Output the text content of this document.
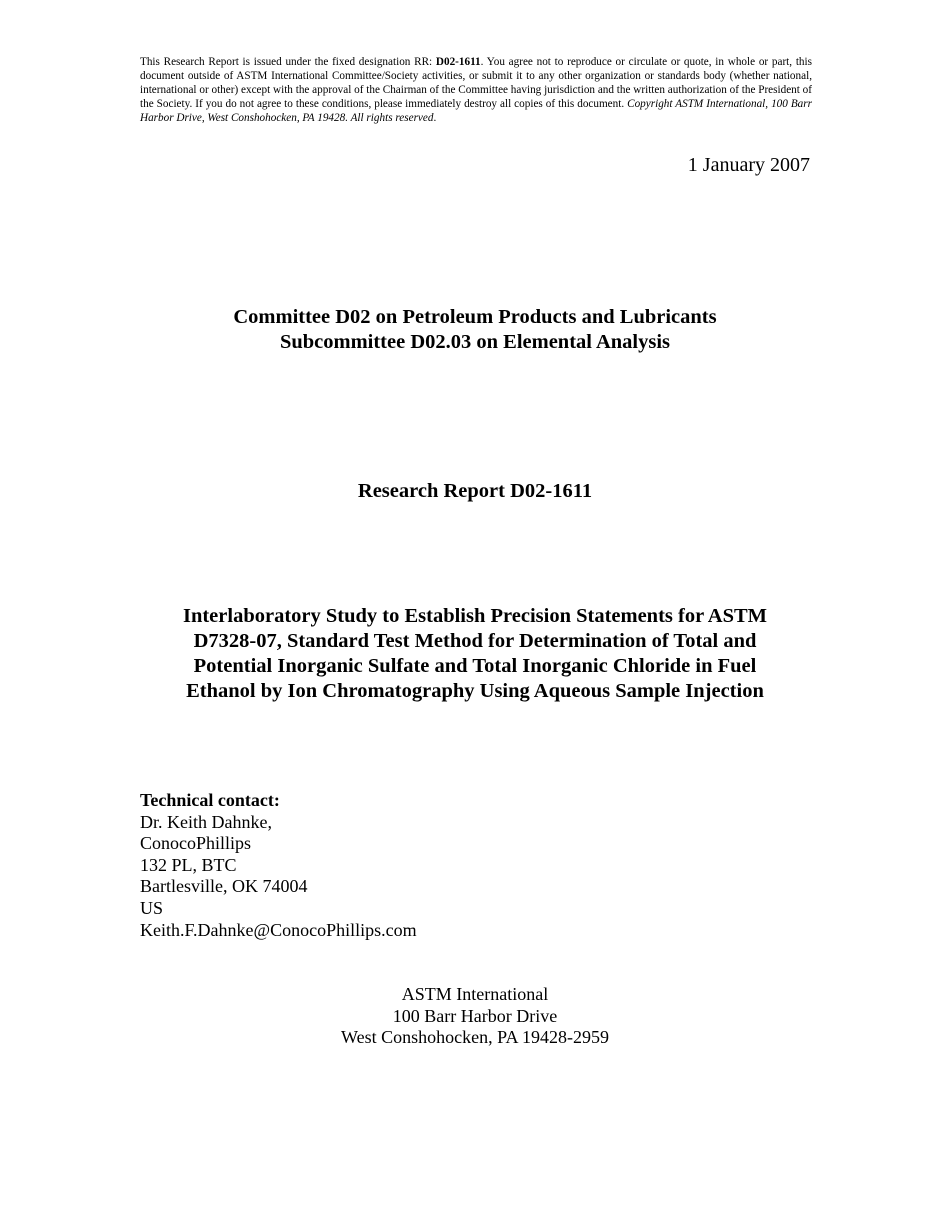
This Research Report is issued under the fixed designation RR: D02-1611. You agree not to reproduce or circulate or quote, in whole or part, this document outside of ASTM International Committee/Society activities, or submit it to any other organization or standards body (whether national, international or other) except with the approval of the Chairman of the Committee having jurisdiction and the written authorization of the President of the Society. If you do not agree to these conditions, please immediately destroy all copies of this document. Copyright ASTM International, 100 Barr Harbor Drive, West Conshohocken, PA 19428. All rights reserved.
1 January 2007
Committee D02 on Petroleum Products and Lubricants
Subcommittee D02.03 on Elemental Analysis
Research Report D02-1611
Interlaboratory Study to Establish Precision Statements for ASTM
D7328-07, Standard Test Method for Determination of Total and
Potential Inorganic Sulfate and Total Inorganic Chloride in Fuel
Ethanol by Ion Chromatography Using Aqueous Sample Injection
Technical contact:
Dr. Keith Dahnke,
ConocoPhillips
132 PL, BTC
Bartlesville, OK 74004
US
Keith.F.Dahnke@ConocoPhillips.com
ASTM International
100 Barr Harbor Drive
West Conshohocken, PA 19428-2959
